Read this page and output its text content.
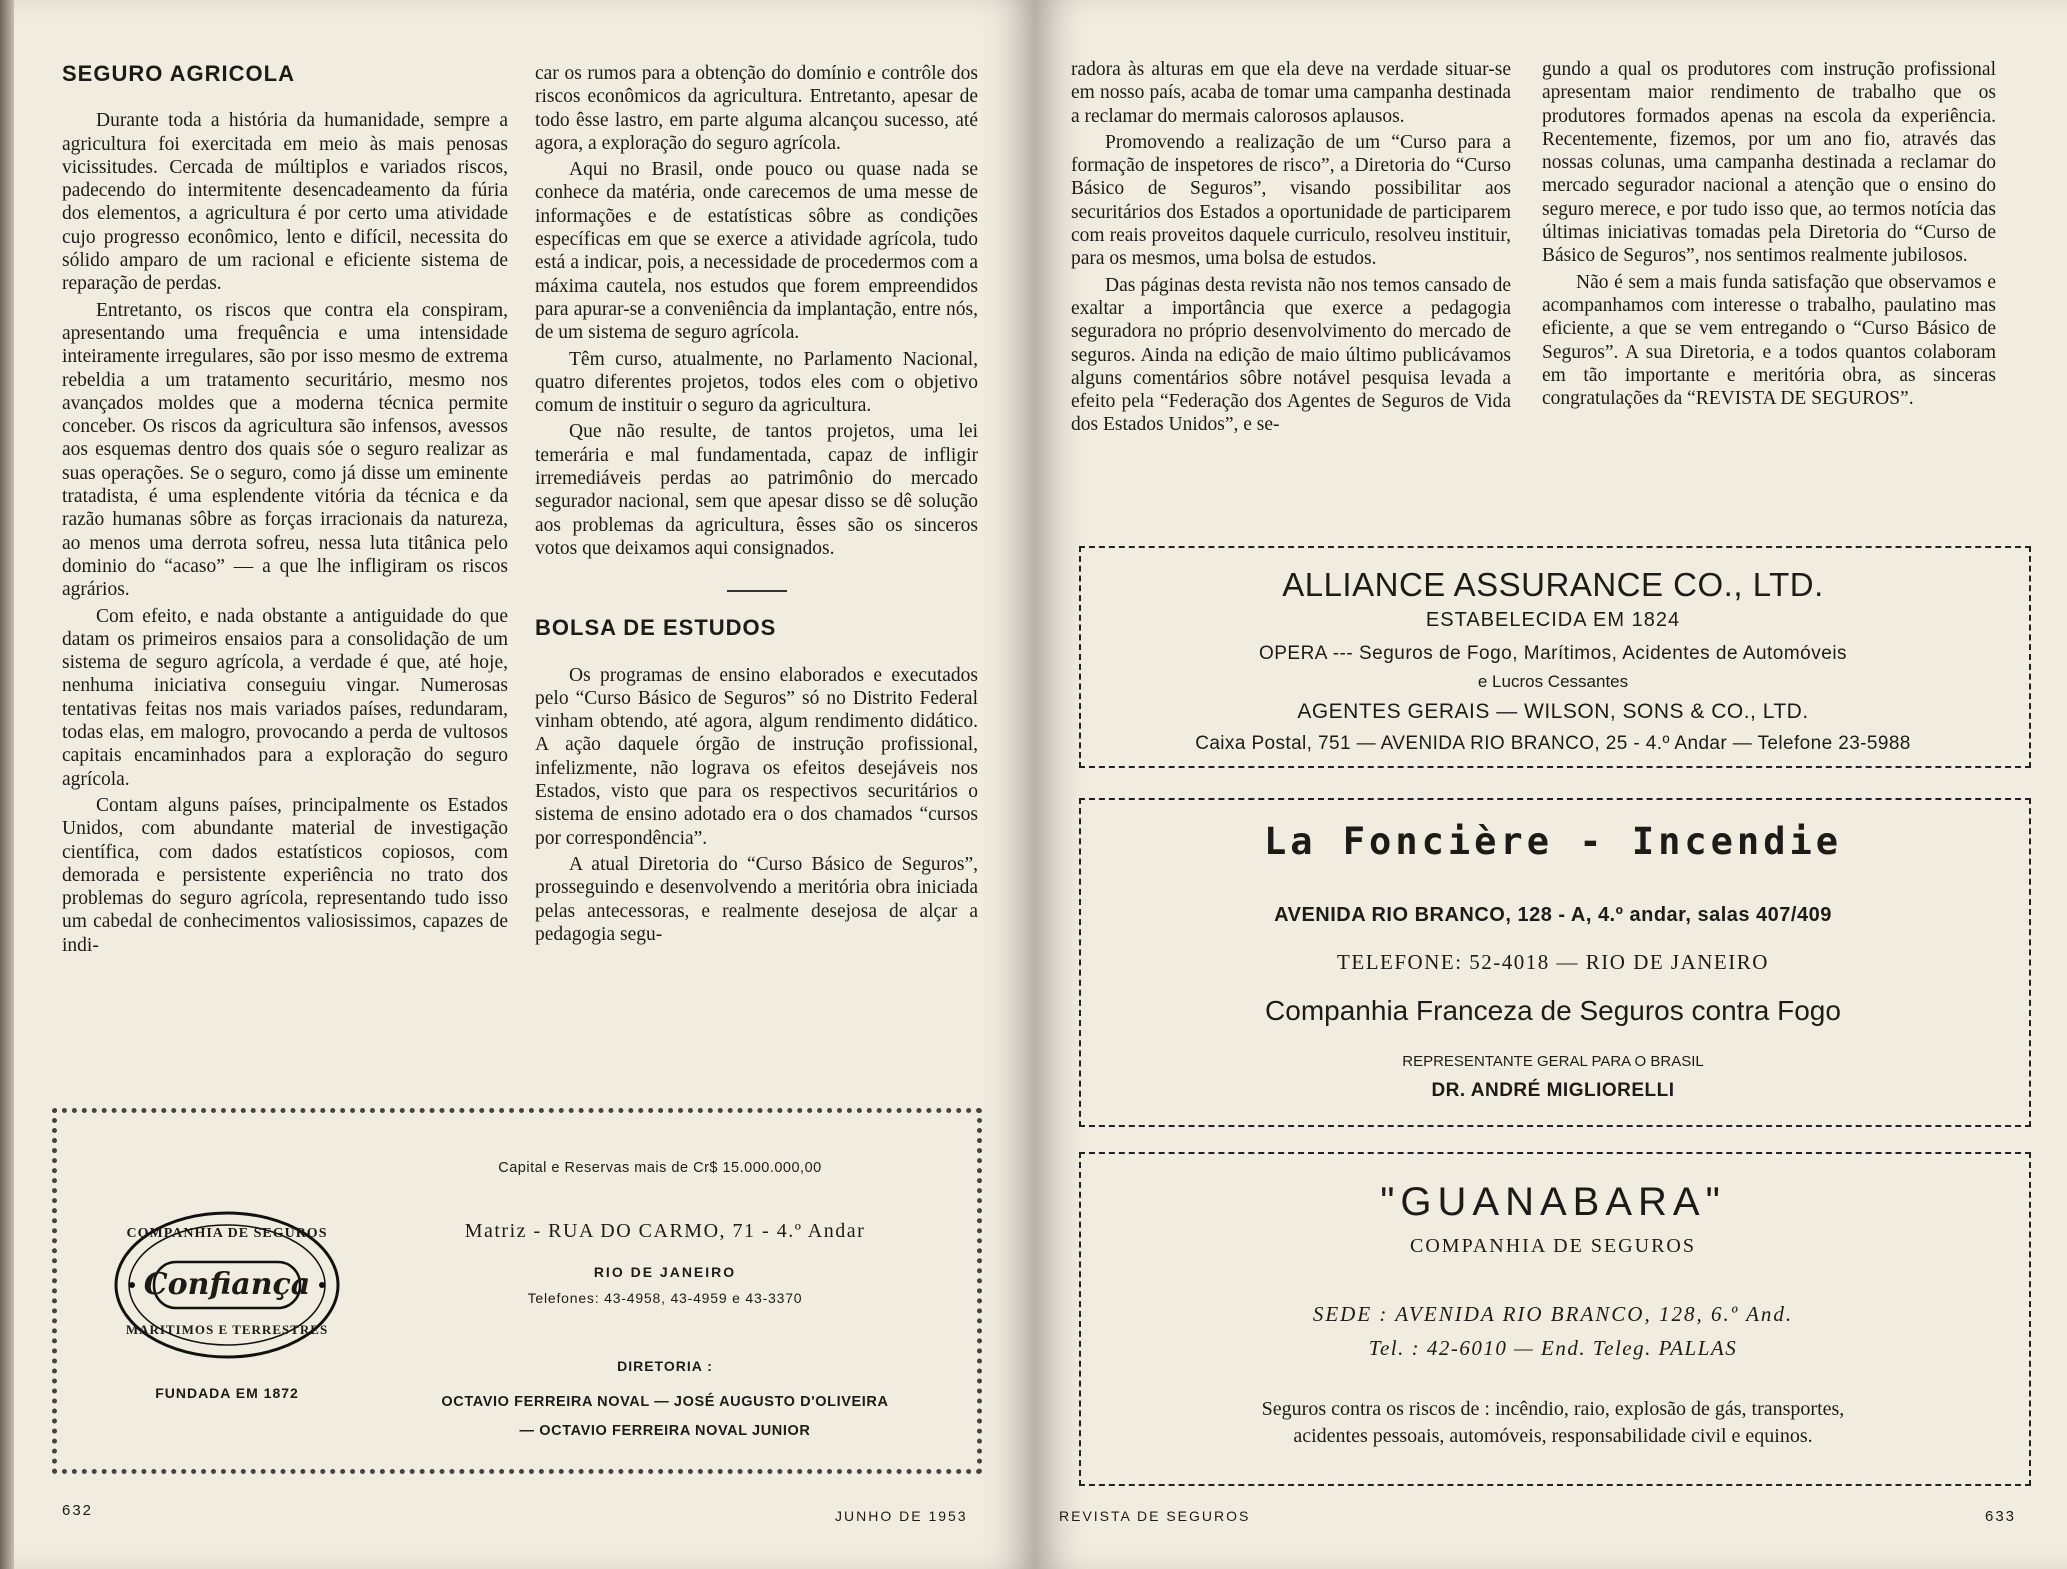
SEGURO AGRICOLA

Durante toda a história da humanidade, sempre a agricultura foi exercitada em meio às mais penosas vicissitudes. Cercada de múltiplos e variados riscos, padecendo do intermitente desencadeamento da fúria dos elementos, a agricultura é por certo uma atividade cujo progresso econômico, lento e difícil, necessita do sólido amparo de um racional e eficiente sistema de reparação de perdas.

Entretanto, os riscos que contra ela conspiram, apresentando uma frequência e uma intensidade inteiramente irregulares, são por isso mesmo de extrema rebeldia a um tratamento securitário, mesmo nos avançados moldes que a moderna técnica permite conceber. Os riscos da agricultura são infensos, avessos aos esquemas dentro dos quais sóe o seguro realizar as suas operações. Se o seguro, como já disse um eminente tratadista, é uma esplendente vitória da técnica e da razão humanas sôbre as forças irracionais da natureza, ao menos uma derrota sofreu, nessa luta titânica pelo dominio do “acaso” — a que lhe infligiram os riscos agrários.

Com efeito, e nada obstante a antiguidade do que datam os primeiros ensaios para a consolidação de um sistema de seguro agrícola, a verdade é que, até hoje, nenhuma iniciativa conseguiu vingar. Numerosas tentativas feitas nos mais variados países, redundaram, todas elas, em malogro, provocando a perda de vultosos capitais encaminhados para a exploração do seguro agrícola.

Contam alguns países, principalmente os Estados Unidos, com abundante material de investigação científica, com dados estatísticos copiosos, com demorada e persistente experiência no trato dos problemas do seguro agrícola, representando tudo isso um cabedal de conhecimentos valiosissimos, capazes de indi-

car os rumos para a obtenção do domínio e contrôle dos riscos econômicos da agricultura. Entretanto, apesar de todo êsse lastro, em parte alguma alcançou sucesso, até agora, a exploração do seguro agrícola.

Aqui no Brasil, onde pouco ou quase nada se conhece da matéria, onde carecemos de uma messe de informações e de estatísticas sôbre as condições específicas em que se exerce a atividade agrícola, tudo está a indicar, pois, a necessidade de procedermos com a máxima cautela, nos estudos que forem empreendidos para apurar-se a conveniência da implantação, entre nós, de um sistema de seguro agrícola.

Têm curso, atualmente, no Parlamento Nacional, quatro diferentes projetos, todos eles com o objetivo comum de instituir o seguro da agricultura.

Que não resulte, de tantos projetos, uma lei temerária e mal fundamentada, capaz de infligir irremediáveis perdas ao patrimônio do mercado segurador nacional, sem que apesar disso se dê solução aos problemas da agricultura, êsses são os sinceros votos que deixamos aqui consignados.

BOLSA DE ESTUDOS

Os programas de ensino elaborados e executados pelo “Curso Básico de Seguros” só no Distrito Federal vinham obtendo, até agora, algum rendimento didático. A ação daquele órgão de instrução profissional, infelizmente, não lograva os efeitos desejáveis nos Estados, visto que para os respectivos securitários o sistema de ensino adotado era o dos chamados “cursos por correspondência”.

A atual Diretoria do “Curso Básico de Seguros”, prosseguindo e desenvolvendo a meritória obra iniciada pelas antecessoras, e realmente desejosa de alçar a pedagogia segu-

Capital e Reservas mais de Cr$ 15.000.000,00
COMPANHIA DE SEGUROS
Confiança
MARITIMOS E TERRESTRES
FUNDADA EM 1872
Matriz - RUA DO CARMO, 71 - 4.º Andar
RIO DE JANEIRO
Telefones: 43-4958, 43-4959 e 43-3370
DIRETORIA :
OCTAVIO FERREIRA NOVAL — JOSÉ AUGUSTO D'OLIVEIRA
— OCTAVIO FERREIRA NOVAL JUNIOR
632	JUNHO DE 1953

radora às alturas em que ela deve na verdade situar-se em nosso país, acaba de tomar uma campanha destinada a reclamar do mermais calorosos aplausos.

Promovendo a realização de um “Curso para a formação de inspetores de risco”, a Diretoria do “Curso Básico de Seguros”, visando possibilitar aos securitários dos Estados a oportunidade de participarem com reais proveitos daquele curriculo, resolveu instituir, para os mesmos, uma bolsa de estudos.

Das páginas desta revista não nos temos cansado de exaltar a importância que exerce a pedagogia seguradora no próprio desenvolvimento do mercado de seguros. Ainda na edição de maio último publicávamos alguns comentários sôbre notável pesquisa levada a efeito pela “Federação dos Agentes de Seguros de Vida dos Estados Unidos”, e se-

gundo a qual os produtores com instrução profissional apresentam maior rendimento de trabalho que os produtores formados apenas na escola da experiência. Recentemente, fizemos, por um ano fio, através das nossas colunas, uma campanha destinada a reclamar do mercado segurador nacional a atenção que o ensino do seguro merece, e por tudo isso que, ao termos notícia das últimas iniciativas tomadas pela Diretoria do “Curso de Básico de Seguros”, nos sentimos realmente jubilosos.

Não é sem a mais funda satisfação que observamos e acompanhamos com interesse o trabalho, paulatino mas eficiente, a que se vem entregando o “Curso Básico de Seguros”. A sua Diretoria, e a todos quantos colaboram em tão importante e meritória obra, as sinceras congratulações da “REVISTA DE SEGUROS”.

ALLIANCE ASSURANCE CO., LTD.
ESTABELECIDA EM 1824
OPERA --- Seguros de Fogo, Marítimos, Acidentes de Automóveis
e Lucros Cessantes
AGENTES GERAIS — WILSON, SONS & CO., LTD.
Caixa Postal, 751 — AVENIDA RIO BRANCO, 25 - 4.º Andar — Telefone 23-5988
La Foncière - Incendie
AVENIDA RIO BRANCO, 128 - A, 4.º andar, salas 407/409
TELEFONE: 52-4018 — RIO DE JANEIRO
Companhia Franceza de Seguros contra Fogo
REPRESENTANTE GERAL PARA O BRASIL
DR. ANDRÉ MIGLIORELLI
"GUANABARA"
COMPANHIA DE SEGUROS
SEDE : AVENIDA RIO BRANCO, 128, 6.º And.
Tel. : 42-6010 — End. Teleg. PALLAS
Seguros contra os riscos de : incêndio, raio, explosão de gás, transportes,
acidentes pessoais, automóveis, responsabilidade civil e equinos.
REVISTA DE SEGUROS	633
